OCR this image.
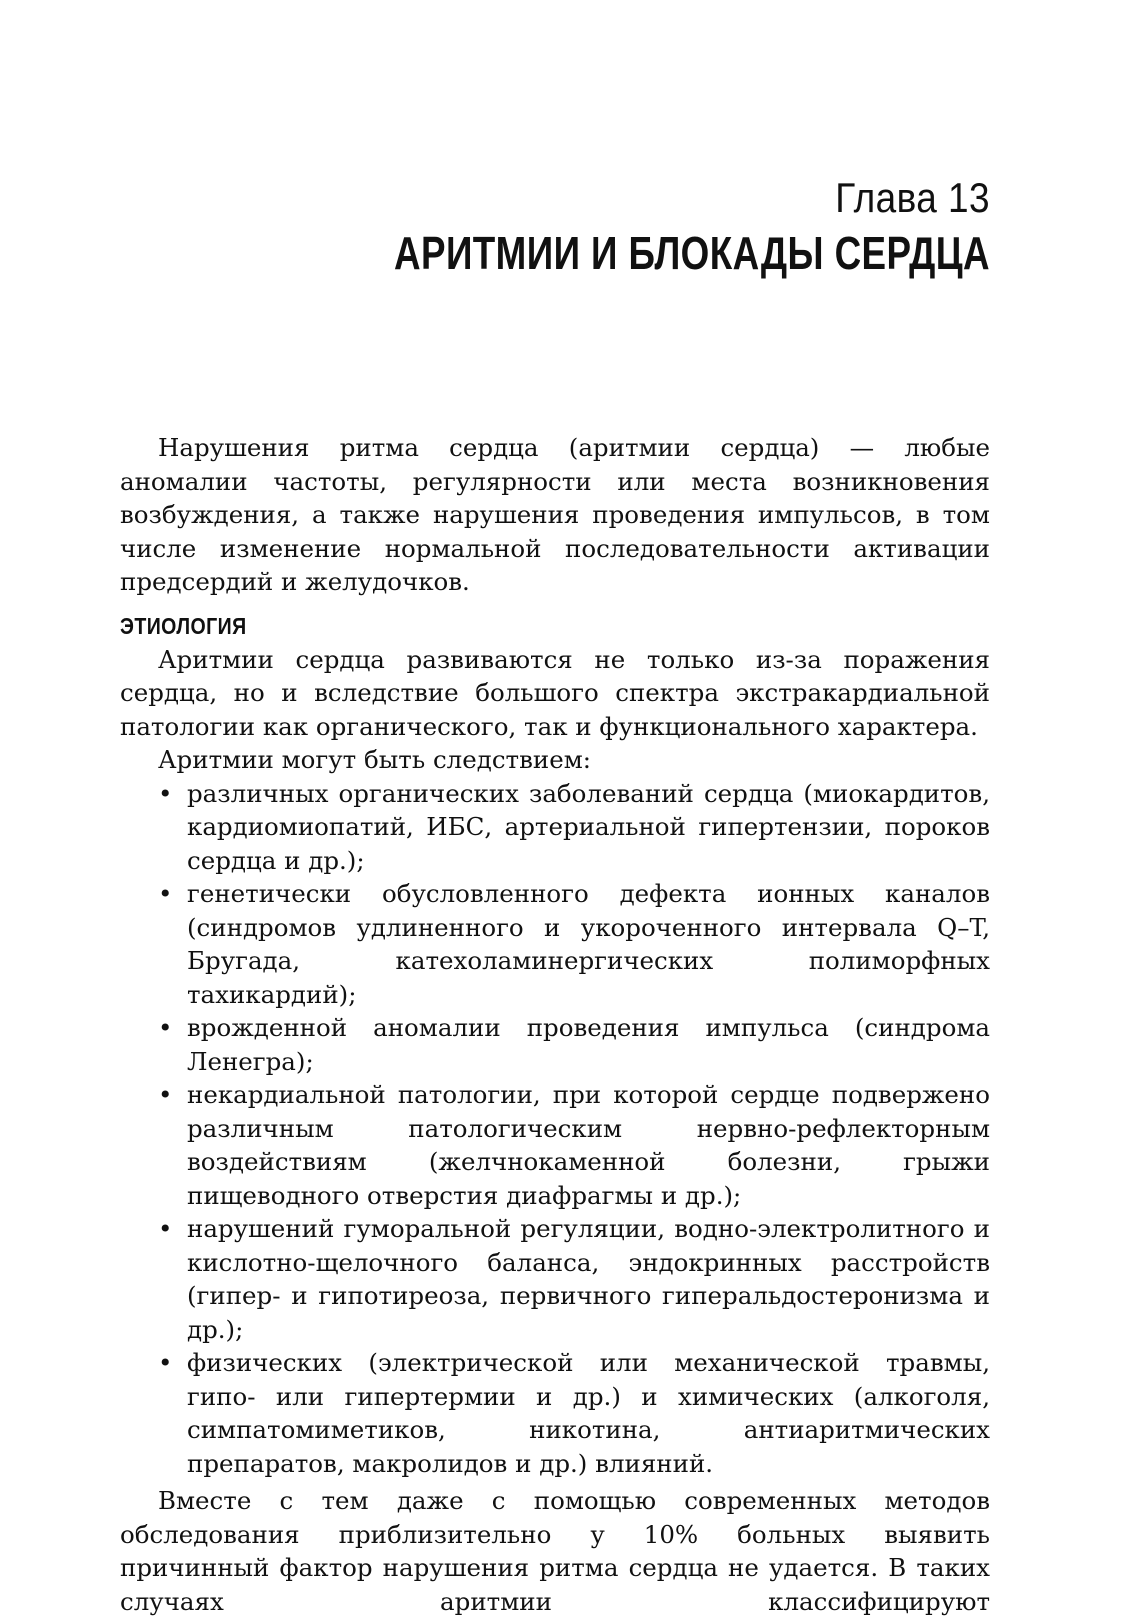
Глава 13
АРИТМИИ И БЛОКАДЫ СЕРДЦА

Нарушения ритма сердца (аритмии сердца) — любые аномалии частоты, регулярности или места возникновения возбуждения, а также нарушения проведения импульсов, в том числе изменение нормальной последовательности активации предсердий и желудочков.

ЭТИОЛОГИЯ

Аритмии сердца развиваются не только из-за поражения сердца, но и вследствие большого спектра экстракардиальной патологии как органического, так и функционального характера.

Аритмии могут быть следствием:

• различных органических заболеваний сердца (миокардитов, кардиомиопатий, ИБС, артериальной гипертензии, пороков сердца и др.);
• генетически обусловленного дефекта ионных каналов (синдромов удлиненного и укороченного интервала Q–T, Бругада, катехоламинергических полиморфных тахикардий);
• врожденной аномалии проведения импульса (синдрома Ленегра);
• некардиальной патологии, при которой сердце подвержено различным патологическим нервно-рефлекторным воздействиям (желчнокаменной болезни, грыжи пищеводного отверстия диафрагмы и др.);
• нарушений гуморальной регуляции, водно-электролитного и кислотно-щелочного баланса, эндокринных расстройств (гипер- и гипотиреоза, первичного гиперальдостеронизма и др.);
• физических (электрической или механической травмы, гипо- или гипертермии и др.) и химических (алкоголя, симпатомиметиков, никотина, антиаритмических препаратов, макролидов и др.) влияний.

Вместе с тем даже с помощью современных методов обследования приблизительно у 10% больных выявить причинный фактор нарушения ритма сердца не удается. В таких случаях аритмии классифицируют
